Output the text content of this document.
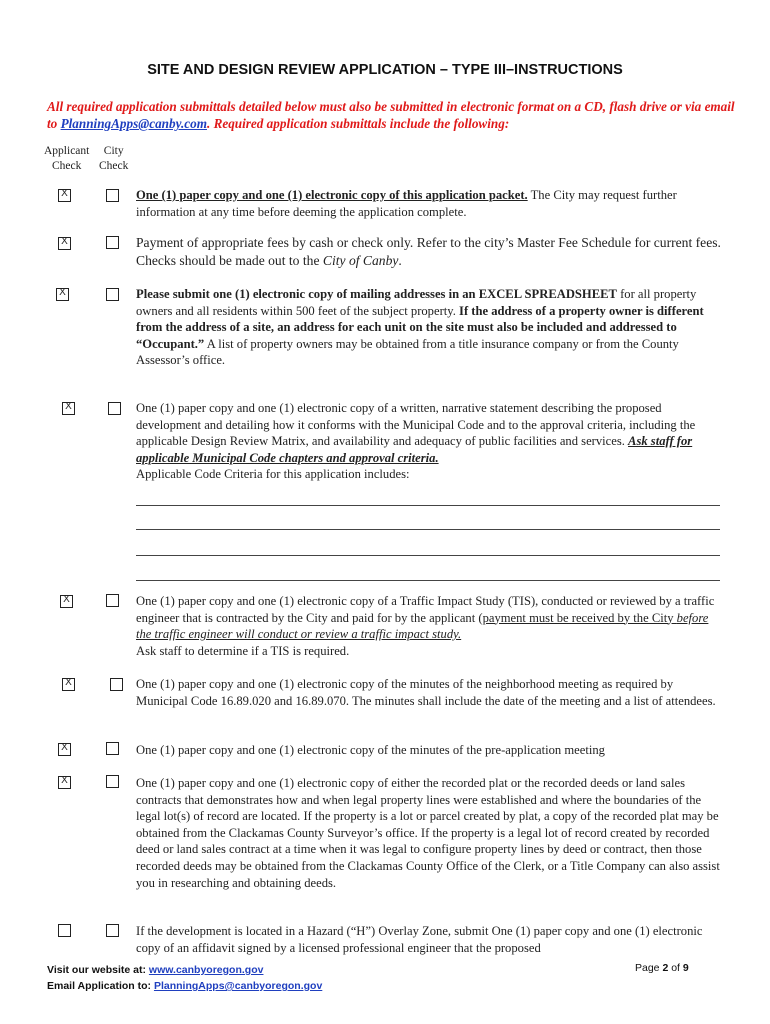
SITE AND DESIGN REVIEW APPLICATION – TYPE III–INSTRUCTIONS
All required application submittals detailed below must also be submitted in electronic format on a CD, flash drive or via email to PlanningApps@canby.com. Required application submittals include the following:
Applicant
Check
City
Check
X
One (1) paper copy and one (1) electronic copy of this application packet. The City may request further information at any time before deeming the application complete.
X
Payment of appropriate fees by cash or check only. Refer to the city’s Master Fee Schedule for current fees. Checks should be made out to the City of Canby.
X
Please submit one (1) electronic copy of mailing addresses in an EXCEL SPREADSHEET for all property owners and all residents within 500 feet of the subject property. If the address of a property owner is different from the address of a site, an address for each unit on the site must also be included and addressed to “Occupant.” A list of property owners may be obtained from a title insurance company or from the County Assessor’s office.
X
One (1) paper copy and one (1) electronic copy of a written, narrative statement describing the proposed development and detailing how it conforms with the Municipal Code and to the approval criteria, including the applicable Design Review Matrix, and availability and adequacy of public facilities and services. Ask staff for applicable Municipal Code chapters and approval criteria.
Applicable Code Criteria for this application includes:
X
One (1) paper copy and one (1) electronic copy of a Traffic Impact Study (TIS), conducted or reviewed by a traffic engineer that is contracted by the City and paid for by the applicant (payment must be received by the City before the traffic engineer will conduct or review a traffic impact study.
Ask staff to determine if a TIS is required.
X
One (1) paper copy and one (1) electronic copy of the minutes of the neighborhood meeting as required by Municipal Code 16.89.020 and 16.89.070. The minutes shall include the date of the meeting and a list of attendees.
X
One (1) paper copy and one (1) electronic copy of the minutes of the pre-application meeting
X
One (1) paper copy and one (1) electronic copy of either the recorded plat or the recorded deeds or land sales contracts that demonstrates how and when legal property lines were established and where the boundaries of the legal lot(s) of record are located. If the property is a lot or parcel created by plat, a copy of the recorded plat may be obtained from the Clackamas County Surveyor’s office. If the property is a legal lot of record created by recorded deed or land sales contract at a time when it was legal to configure property lines by deed or contract, then those recorded deeds may be obtained from the Clackamas County Office of the Clerk, or a Title Company can also assist you in researching and obtaining deeds.
If the development is located in a Hazard (“H”) Overlay Zone, submit One (1) paper copy and one (1) electronic copy of an affidavit signed by a licensed professional engineer that the proposed
Visit our website at: www.canbyoregon.gov
Email Application to: PlanningApps@canbyoregon.gov
Page 2 of 9
